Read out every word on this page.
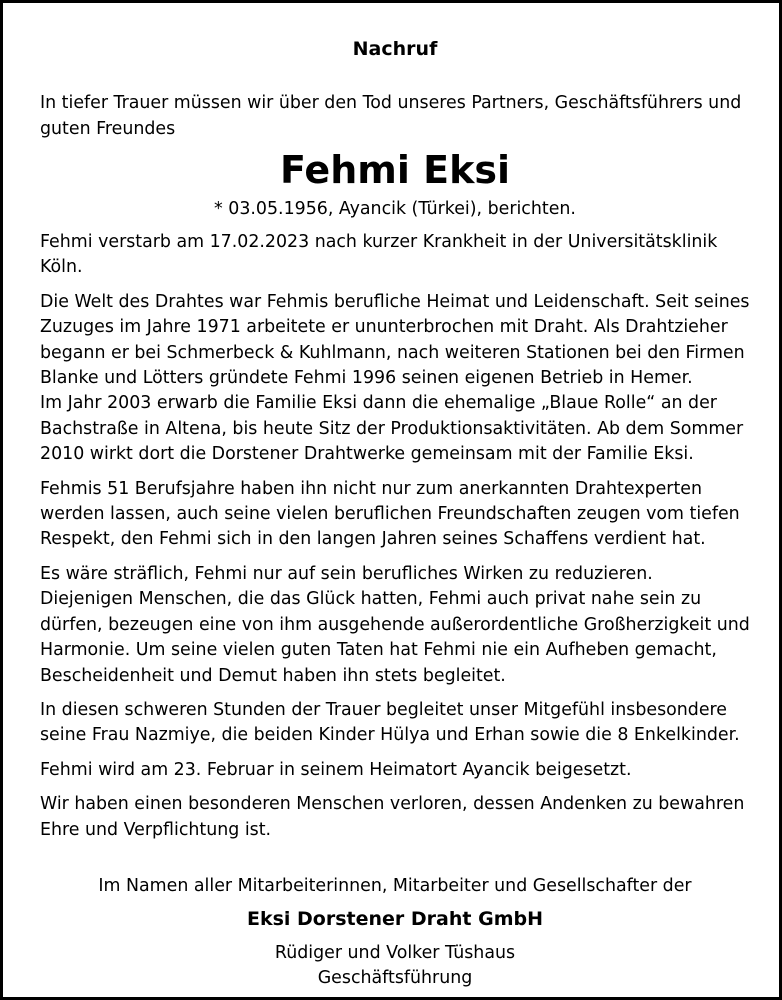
Nachruf

In tiefer Trauer müssen wir über den Tod unseres Partners, Geschäftsführers und guten Freundes

Fehmi Eksi
* 03.05.1956, Ayancik (Türkei), berichten.

Fehmi verstarb am 17.02.2023 nach kurzer Krankheit in der Universitätsklinik Köln.

Die Welt des Drahtes war Fehmis berufliche Heimat und Leidenschaft. Seit seines Zuzuges im Jahre 1971 arbeitete er ununterbrochen mit Draht. Als Drahtzieher begann er bei Schmerbeck & Kuhlmann, nach weiteren Stationen bei den Firmen Blanke und Lötters gründete Fehmi 1996 seinen eigenen Betrieb in Hemer.
Im Jahr 2003 erwarb die Familie Eksi dann die ehemalige „Blaue Rolle“ an der Bachstraße in Altena, bis heute Sitz der Produktionsaktivitäten. Ab dem Sommer 2010 wirkt dort die Dorstener Drahtwerke gemeinsam mit der Familie Eksi.

Fehmis 51 Berufsjahre haben ihn nicht nur zum anerkannten Drahtexperten werden lassen, auch seine vielen beruflichen Freundschaften zeugen vom tiefen Respekt, den Fehmi sich in den langen Jahren seines Schaffens verdient hat.

Es wäre sträflich, Fehmi nur auf sein berufliches Wirken zu reduzieren. Diejenigen Menschen, die das Glück hatten, Fehmi auch privat nahe sein zu dürfen, bezeugen eine von ihm ausgehende außerordentliche Großherzigkeit und Harmonie. Um seine vielen guten Taten hat Fehmi nie ein Aufheben gemacht, Bescheidenheit und Demut haben ihn stets begleitet.

In diesen schweren Stunden der Trauer begleitet unser Mitgefühl insbesondere seine Frau Nazmiye, die beiden Kinder Hülya und Erhan sowie die 8 Enkelkinder.

Fehmi wird am 23. Februar in seinem Heimatort Ayancik beigesetzt.

Wir haben einen besonderen Menschen verloren, dessen Andenken zu bewahren Ehre und Verpflichtung ist.

Im Namen aller Mitarbeiterinnen, Mitarbeiter und Gesellschafter der
Eksi Dorstener Draht GmbH
Rüdiger und Volker Tüshaus
Geschäftsführung
